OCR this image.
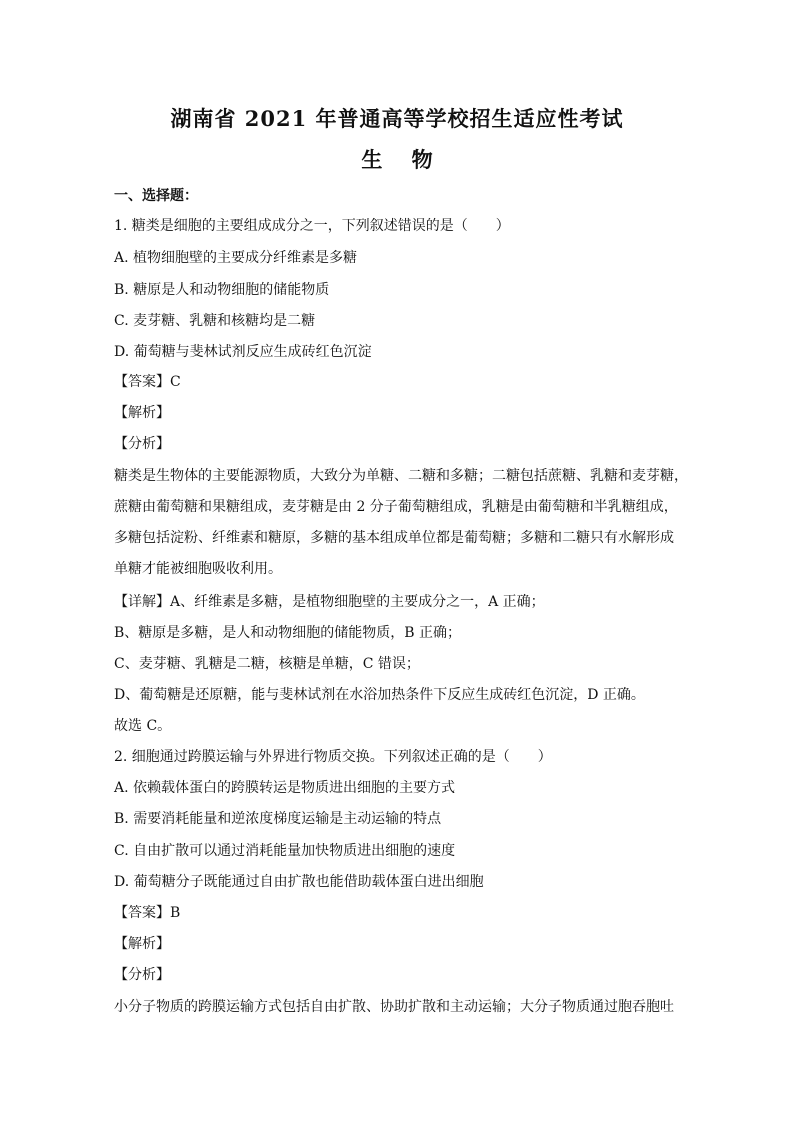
湖南省 2021 年普通高等学校招生适应性考试
生 物

一、选择题：

1. 糖类是细胞的主要组成成分之一，下列叙述错误的是（　　）

A. 植物细胞壁的主要成分纤维素是多糖

B. 糖原是人和动物细胞的储能物质

C. 麦芽糖、乳糖和核糖均是二糖

D. 葡萄糖与斐林试剂反应生成砖红色沉淀

【答案】C

【解析】

【分析】

糖类是生物体的主要能源物质，大致分为单糖、二糖和多糖；二糖包括蔗糖、乳糖和麦芽糖，

蔗糖由葡萄糖和果糖组成，麦芽糖是由 2 分子葡萄糖组成，乳糖是由葡萄糖和半乳糖组成，

多糖包括淀粉、纤维素和糖原，多糖的基本组成单位都是葡萄糖；多糖和二糖只有水解形成

单糖才能被细胞吸收利用。

【详解】A、纤维素是多糖，是植物细胞壁的主要成分之一，A 正确；

B、糖原是多糖，是人和动物细胞的储能物质，B 正确；

C、麦芽糖、乳糖是二糖，核糖是单糖，C 错误；

D、葡萄糖是还原糖，能与斐林试剂在水浴加热条件下反应生成砖红色沉淀，D 正确。

故选 C。

2. 细胞通过跨膜运输与外界进行物质交换。下列叙述正确的是（　　）

A. 依赖载体蛋白的跨膜转运是物质进出细胞的主要方式

B. 需要消耗能量和逆浓度梯度运输是主动运输的特点

C. 自由扩散可以通过消耗能量加快物质进出细胞的速度

D. 葡萄糖分子既能通过自由扩散也能借助载体蛋白进出细胞

【答案】B

【解析】

【分析】

小分子物质的跨膜运输方式包括自由扩散、协助扩散和主动运输；大分子物质通过胞吞胞吐
